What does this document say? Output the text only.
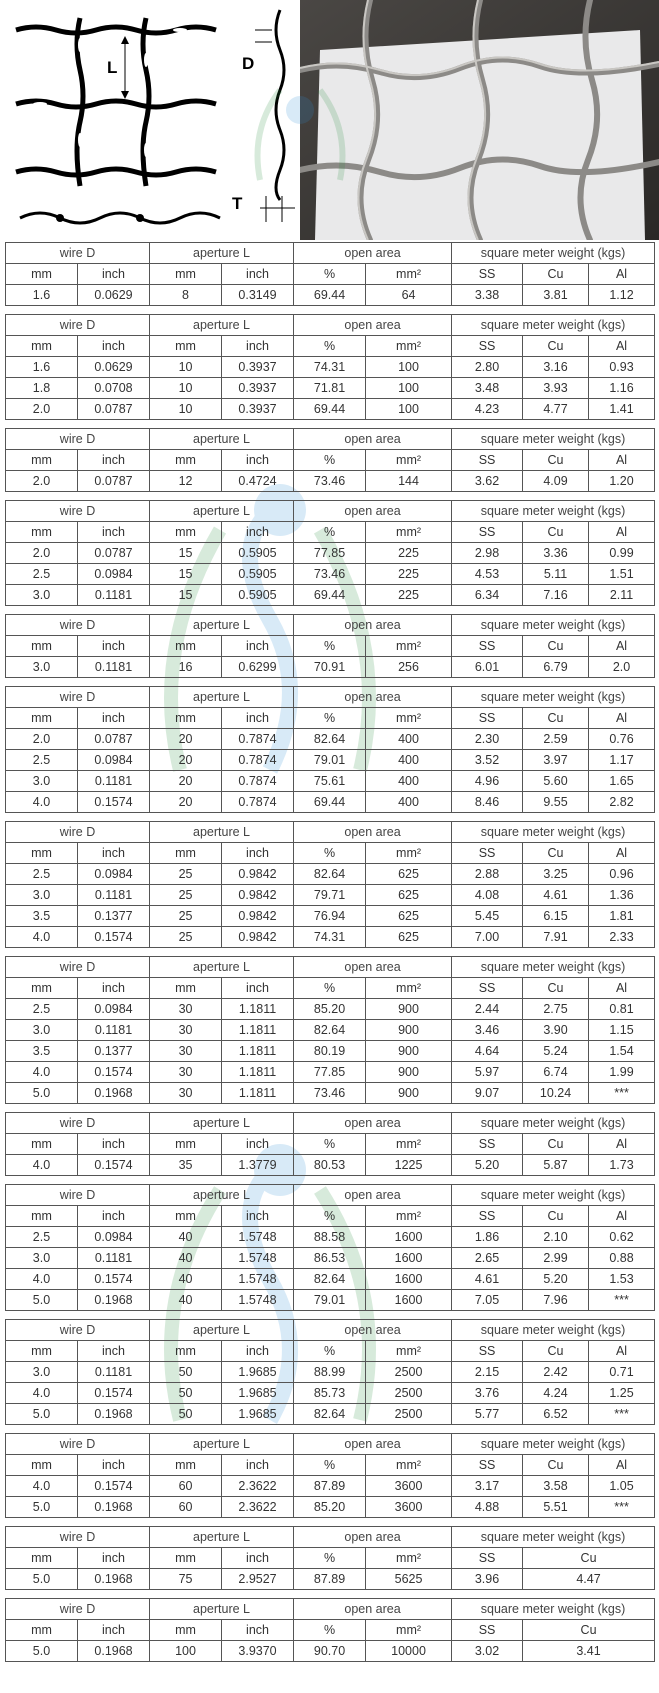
L	D
T
wire D		aperture L		open area		square meter weight (kgs)		
mm	inch	mm	inch	%	mm²	SS	Cu	Al
1.6	0.0629	8	0.3149	69.44	64	3.38	3.81	1.12
wire D		aperture L		open area		square meter weight (kgs)		
mm	inch	mm	inch	%	mm²	SS	Cu	Al
1.6	0.0629	10	0.3937	74.31	100	2.80	3.16	0.93
1.8	0.0708	10	0.3937	71.81	100	3.48	3.93	1.16
2.0	0.0787	10	0.3937	69.44	100	4.23	4.77	1.41
wire D		aperture L		open area		square meter weight (kgs)		
mm	inch	mm	inch	%	mm²	SS	Cu	Al
2.0	0.0787	12	0.4724	73.46	144	3.62	4.09	1.20
wire D		aperture L		open area		square meter weight (kgs)		
mm	inch	mm	inch	%	mm²	SS	Cu	Al
2.0	0.0787	15	0.5905	77.85	225	2.98	3.36	0.99
2.5	0.0984	15	0.5905	73.46	225	4.53	5.11	1.51
3.0	0.1181	15	0.5905	69.44	225	6.34	7.16	2.11
wire D		aperture L		open area		square meter weight (kgs)		
mm	inch	mm	inch	%	mm²	SS	Cu	Al
3.0	0.1181	16	0.6299	70.91	256	6.01	6.79	2.0
wire D		aperture L		open area		square meter weight (kgs)		
mm	inch	mm	inch	%	mm²	SS	Cu	Al
2.0	0.0787	20	0.7874	82.64	400	2.30	2.59	0.76
2.5	0.0984	20	0.7874	79.01	400	3.52	3.97	1.17
3.0	0.1181	20	0.7874	75.61	400	4.96	5.60	1.65
4.0	0.1574	20	0.7874	69.44	400	8.46	9.55	2.82
wire D		aperture L		open area		square meter weight (kgs)		
mm	inch	mm	inch	%	mm²	SS	Cu	Al
2.5	0.0984	25	0.9842	82.64	625	2.88	3.25	0.96
3.0	0.1181	25	0.9842	79.71	625	4.08	4.61	1.36
3.5	0.1377	25	0.9842	76.94	625	5.45	6.15	1.81
4.0	0.1574	25	0.9842	74.31	625	7.00	7.91	2.33
wire D		aperture L		open area		square meter weight (kgs)		
mm	inch	mm	inch	%	mm²	SS	Cu	Al
2.5	0.0984	30	1.1811	85.20	900	2.44	2.75	0.81
3.0	0.1181	30	1.1811	82.64	900	3.46	3.90	1.15
3.5	0.1377	30	1.1811	80.19	900	4.64	5.24	1.54
4.0	0.1574	30	1.1811	77.85	900	5.97	6.74	1.99
5.0	0.1968	30	1.1811	73.46	900	9.07	10.24	***
wire D		aperture L		open area		square meter weight (kgs)		
mm	inch	mm	inch	%	mm²	SS	Cu	Al
4.0	0.1574	35	1.3779	80.53	1225	5.20	5.87	1.73
wire D		aperture L		open area		square meter weight (kgs)		
mm	inch	mm	inch	%	mm²	SS	Cu	Al
2.5	0.0984	40	1.5748	88.58	1600	1.86	2.10	0.62
3.0	0.1181	40	1.5748	86.53	1600	2.65	2.99	0.88
4.0	0.1574	40	1.5748	82.64	1600	4.61	5.20	1.53
5.0	0.1968	40	1.5748	79.01	1600	7.05	7.96	***
wire D		aperture L		open area		square meter weight (kgs)		
mm	inch	mm	inch	%	mm²	SS	Cu	Al
3.0	0.1181	50	1.9685	88.99	2500	2.15	2.42	0.71
4.0	0.1574	50	1.9685	85.73	2500	3.76	4.24	1.25
5.0	0.1968	50	1.9685	82.64	2500	5.77	6.52	***
wire D		aperture L		open area		square meter weight (kgs)		
mm	inch	mm	inch	%	mm²	SS	Cu	Al
4.0	0.1574	60	2.3622	87.89	3600	3.17	3.58	1.05
5.0	0.1968	60	2.3622	85.20	3600	4.88	5.51	***
wire D		aperture L		open area		square meter weight (kgs)	
mm	inch	mm	inch	%	mm²	SS	Cu
5.0	0.1968	75	2.9527	87.89	5625	3.96	4.47
wire D		aperture L		open area		square meter weight (kgs)	
mm	inch	mm	inch	%	mm²	SS	Cu
5.0	0.1968	100	3.9370	90.70	10000	3.02	3.41
